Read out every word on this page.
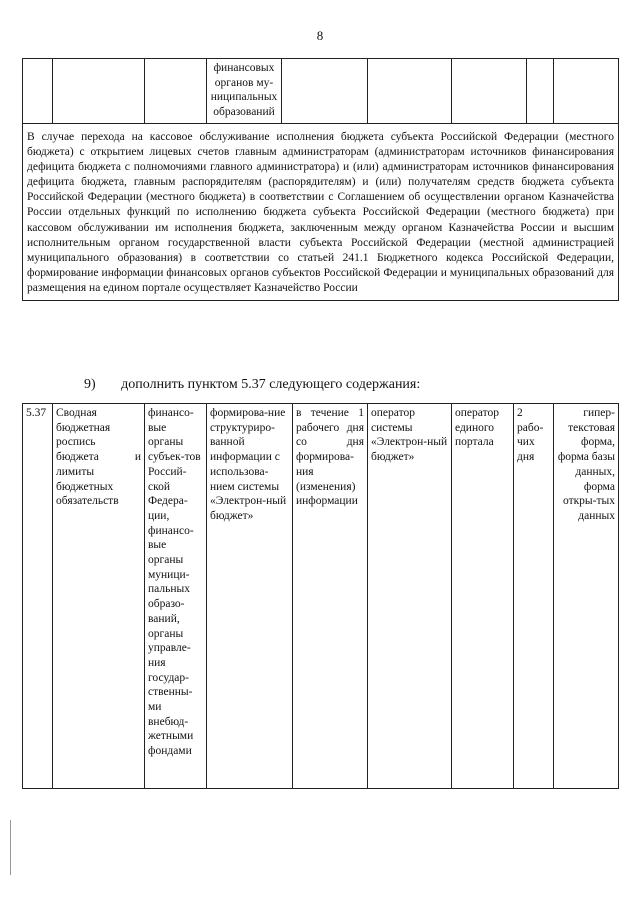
8
			финансовых органов му-ниципальных образований					
В случае перехода на кассовое обслуживание исполнения бюджета субъекта Российской Федерации (местного бюджета) с открытием лицевых счетов главным администраторам (администраторам источников финансирования дефицита бюджета с полномочиями главного администратора) и (или) администраторам источников финансирования дефицита бюджета, главным распорядителям (распорядителям) и (или) получателям средств бюджета субъекта Российской Федерации (местного бюджета) в соответствии с Соглашением об осуществлении органом Казначейства России отдельных функций по исполнению бюджета субъекта Российской Федерации (местного бюджета) при кассовом обслуживании им исполнения бюджета, заключенным между органом Казначейства России и высшим исполнительным органом государственной власти субъекта Российской Федерации (местной администрацией муниципального образования) в соответствии со статьей 241.1 Бюджетного кодекса Российской Федерации, формирование информации финансовых органов субъектов Российской Федерации и муниципальных образований для размещения на едином портале осуществляет Казначейство России
9) дополнить пунктом 5.37 следующего содержания:
5.37	Сводная бюджетная роспись бюджета и лимиты бюджетных обязательств	финансо-вые органы субъек-тов Россий-ской Федера-ции, финансо-вые органы муници-пальных образо-ваний, органы управле-ния государ-ственны-ми внебюд-жетными фондами	формирова-ние структуриро-ванной информации с использова-нием системы «Электрон-ный бюджет»	в течение 1 рабочего дня со дня формирова-ния (изменения) информации	оператор системы «Электрон-ный бюджет»	оператор единого портала	2 рабо-чих дня	гипер-текстовая форма, форма базы данных, форма откры-тых данных
